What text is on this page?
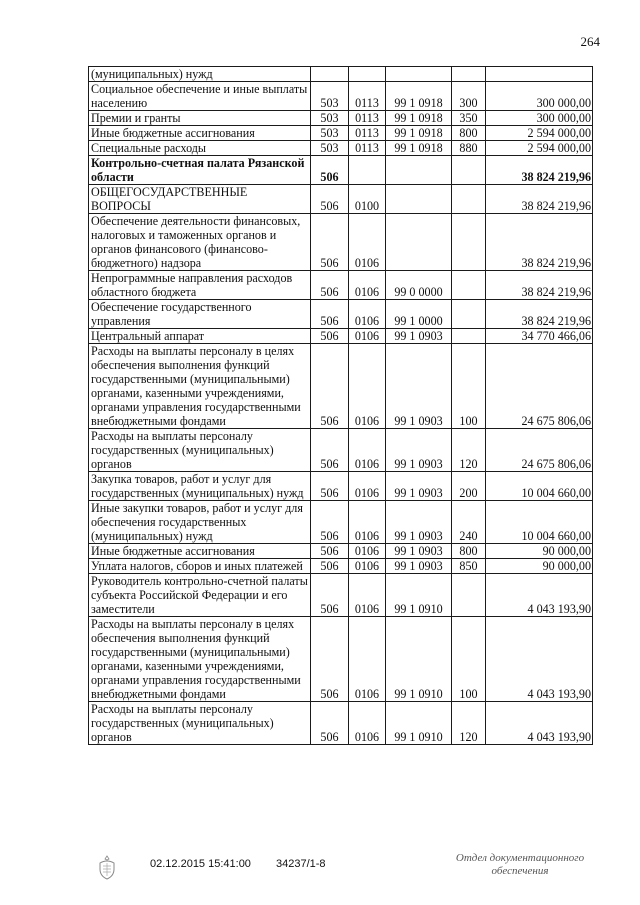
264
(муниципальных) нужд					
Социальное обеспечение и иные выплаты населению	503	0113	99 1 0918	300	300 000,00
Премии и гранты	503	0113	99 1 0918	350	300 000,00
Иные бюджетные ассигнования	503	0113	99 1 0918	800	2 594 000,00
Специальные расходы	503	0113	99 1 0918	880	2 594 000,00
Контрольно-счетная палата Рязанской области	506				38 824 219,96
ОБЩЕГОСУДАРСТВЕННЫЕ ВОПРОСЫ	506	0100			38 824 219,96
Обеспечение деятельности финансовых, налоговых и таможенных органов и органов финансового (финансово-бюджетного) надзора	506	0106			38 824 219,96
Непрограммные направления расходов областного бюджета	506	0106	99 0 0000		38 824 219,96
Обеспечение государственного управления	506	0106	99 1 0000		38 824 219,96
Центральный аппарат	506	0106	99 1 0903		34 770 466,06
Расходы на выплаты персоналу в целях обеспечения выполнения функций государственными (муниципальными) органами, казенными учреждениями, органами управления государственными внебюджетными фондами	506	0106	99 1 0903	100	24 675 806,06
Расходы на выплаты персоналу государственных (муниципальных) органов	506	0106	99 1 0903	120	24 675 806,06
Закупка товаров, работ и услуг для государственных (муниципальных) нужд	506	0106	99 1 0903	200	10 004 660,00
Иные закупки товаров, работ и услуг для обеспечения государственных (муниципальных) нужд	506	0106	99 1 0903	240	10 004 660,00
Иные бюджетные ассигнования	506	0106	99 1 0903	800	90 000,00
Уплата налогов, сборов и иных платежей	506	0106	99 1 0903	850	90 000,00
Руководитель контрольно-счетной палаты субъекта Российской Федерации и его заместители	506	0106	99 1 0910		4 043 193,90
Расходы на выплаты персоналу в целях обеспечения выполнения функций государственными (муниципальными) органами, казенными учреждениями, органами управления государственными внебюджетными фондами	506	0106	99 1 0910	100	4 043 193,90
Расходы на выплаты персоналу государственных (муниципальных) органов	506	0106	99 1 0910	120	4 043 193,90
02.12.2015 15:41:00 34237/1-8	Отдел документационного обеспечения
